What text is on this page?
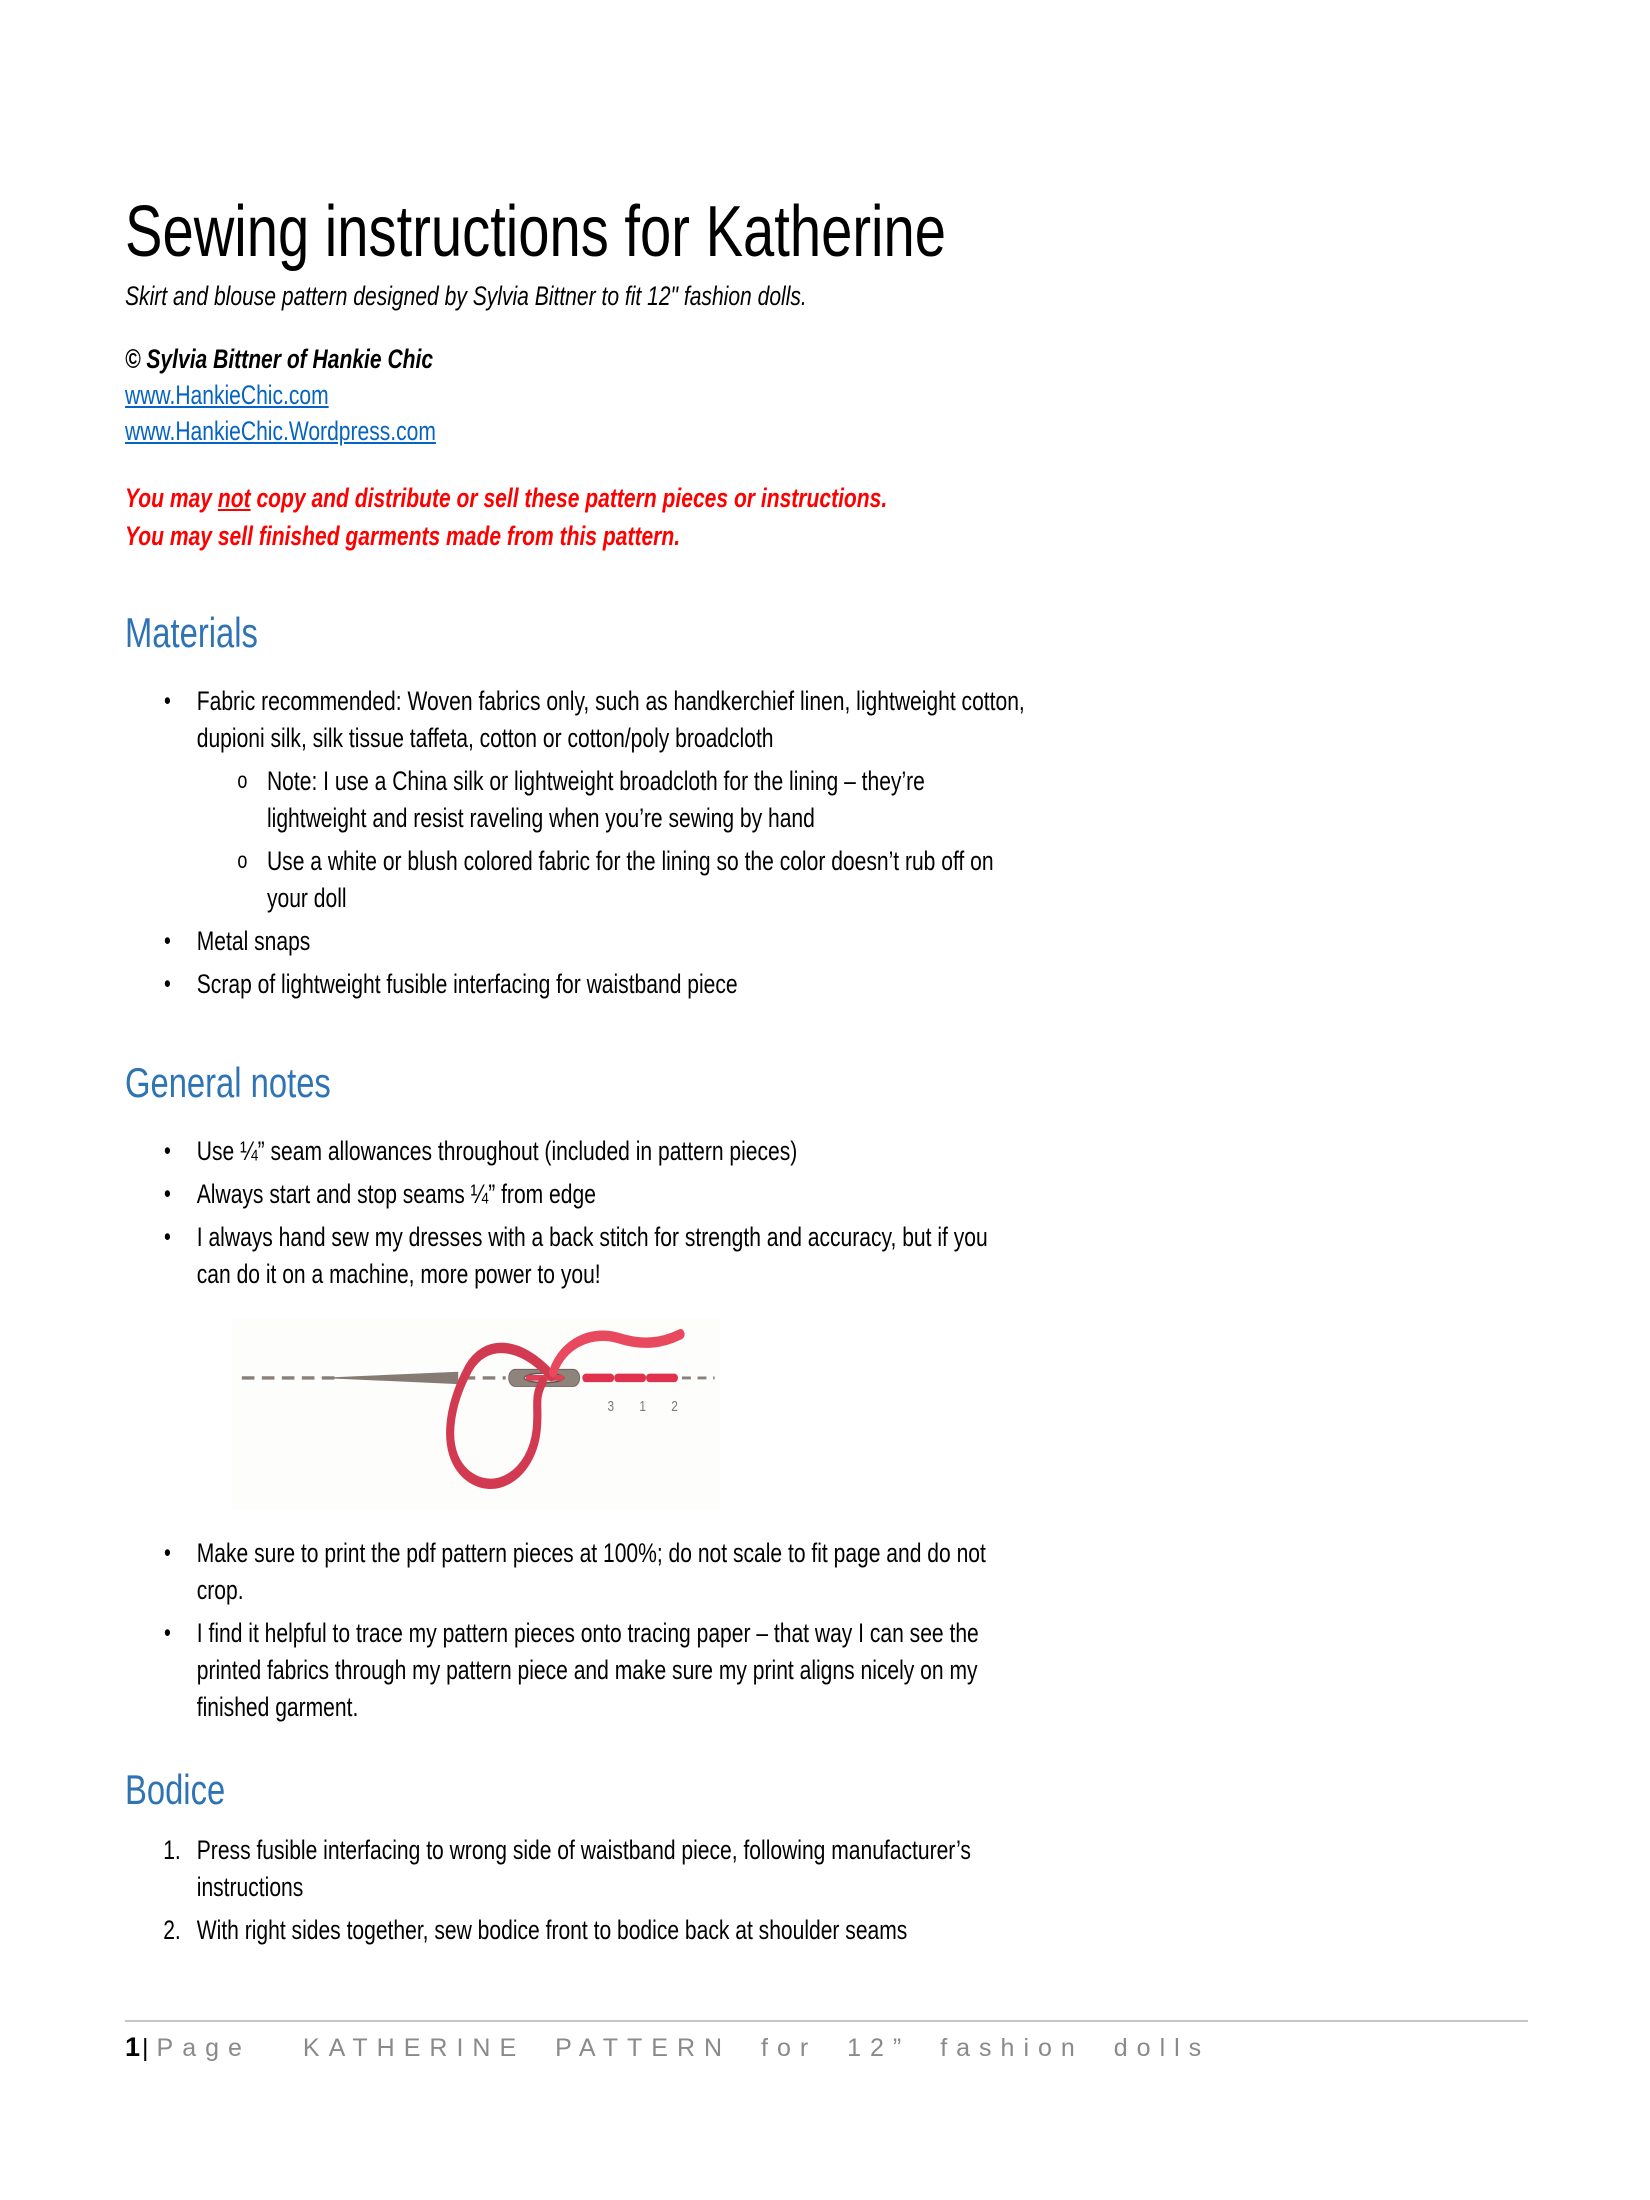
Sewing instructions for Katherine
Skirt and blouse pattern designed by Sylvia Bittner to fit 12" fashion dolls.
© Sylvia Bittner of Hankie Chic
www.HankieChic.com
www.HankieChic.Wordpress.com
You may not copy and distribute or sell these pattern pieces or instructions.
You may sell finished garments made from this pattern.
Materials
• Fabric recommended: Woven fabrics only, such as handkerchief linen, lightweight cotton, dupioni silk, silk tissue taffeta, cotton or cotton/poly broadcloth
o Note: I use a China silk or lightweight broadcloth for the lining – they’re lightweight and resist raveling when you’re sewing by hand
o Use a white or blush colored fabric for the lining so the color doesn’t rub off on your doll
• Metal snaps
• Scrap of lightweight fusible interfacing for waistband piece
General notes
• Use ¼” seam allowances throughout (included in pattern pieces)
• Always start and stop seams ¼” from edge
• I always hand sew my dresses with a back stitch for strength and accuracy, but if you can do it on a machine, more power to you!
3 1 2
• Make sure to print the pdf pattern pieces at 100%; do not scale to fit page and do not crop.
• I find it helpful to trace my pattern pieces onto tracing paper – that way I can see the printed fabrics through my pattern piece and make sure my print aligns nicely on my finished garment.
Bodice
1. Press fusible interfacing to wrong side of waistband piece, following manufacturer’s instructions
2. With right sides together, sew bodice front to bodice back at shoulder seams
1| Page KATHERINE PATTERN for 12” fashion dolls
